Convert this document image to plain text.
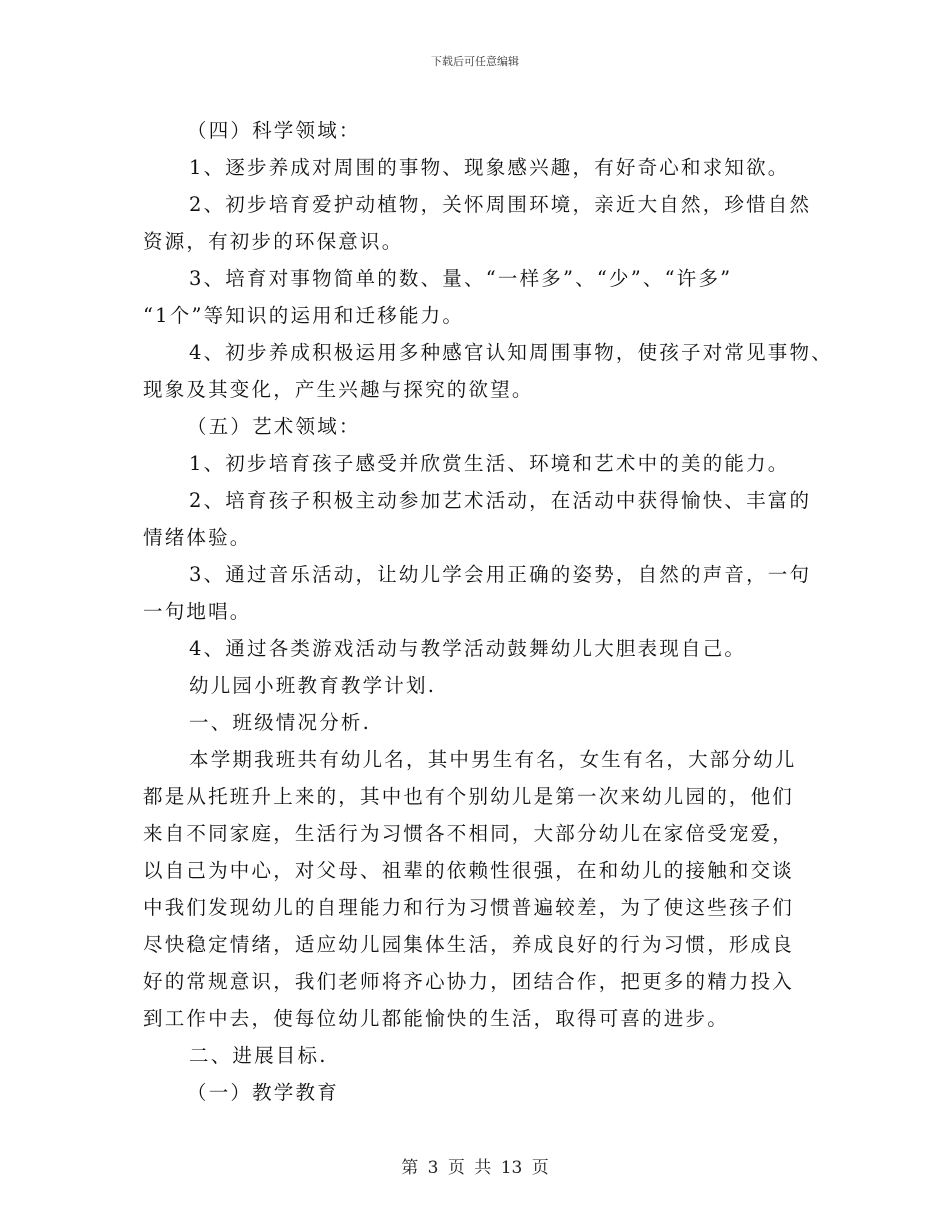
下载后可任意编辑

（四）科学领域：

1、逐步养成对周围的事物、现象感兴趣，有好奇心和求知欲。

2、初步培育爱护动植物，关怀周围环境，亲近大自然，珍惜自然

资源，有初步的环保意识。

3、培育对事物简单的数、量、“一样多”、“少”、“许多”

“1个”等知识的运用和迁移能力。

4、初步养成积极运用多种感官认知周围事物，使孩子对常见事物、

现象及其变化，产生兴趣与探究的欲望。

（五）艺术领域：

1、初步培育孩子感受并欣赏生活、环境和艺术中的美的能力。

2、培育孩子积极主动参加艺术活动，在活动中获得愉快、丰富的

情绪体验。

3、通过音乐活动，让幼儿学会用正确的姿势，自然的声音，一句

一句地唱。

4、通过各类游戏活动与教学活动鼓舞幼儿大胆表现自己。

幼儿园小班教育教学计划.

一、班级情况分析.

本学期我班共有幼儿名，其中男生有名，女生有名，大部分幼儿

都是从托班升上来的，其中也有个别幼儿是第一次来幼儿园的，他们

来自不同家庭，生活行为习惯各不相同，大部分幼儿在家倍受宠爱，

以自己为中心，对父母、祖辈的依赖性很强，在和幼儿的接触和交谈

中我们发现幼儿的自理能力和行为习惯普遍较差，为了使这些孩子们

尽快稳定情绪，适应幼儿园集体生活，养成良好的行为习惯，形成良

好的常规意识，我们老师将齐心协力，团结合作，把更多的精力投入

到工作中去，使每位幼儿都能愉快的生活，取得可喜的进步。

二、进展目标.

（一）教学教育

第 3 页 共 13 页
